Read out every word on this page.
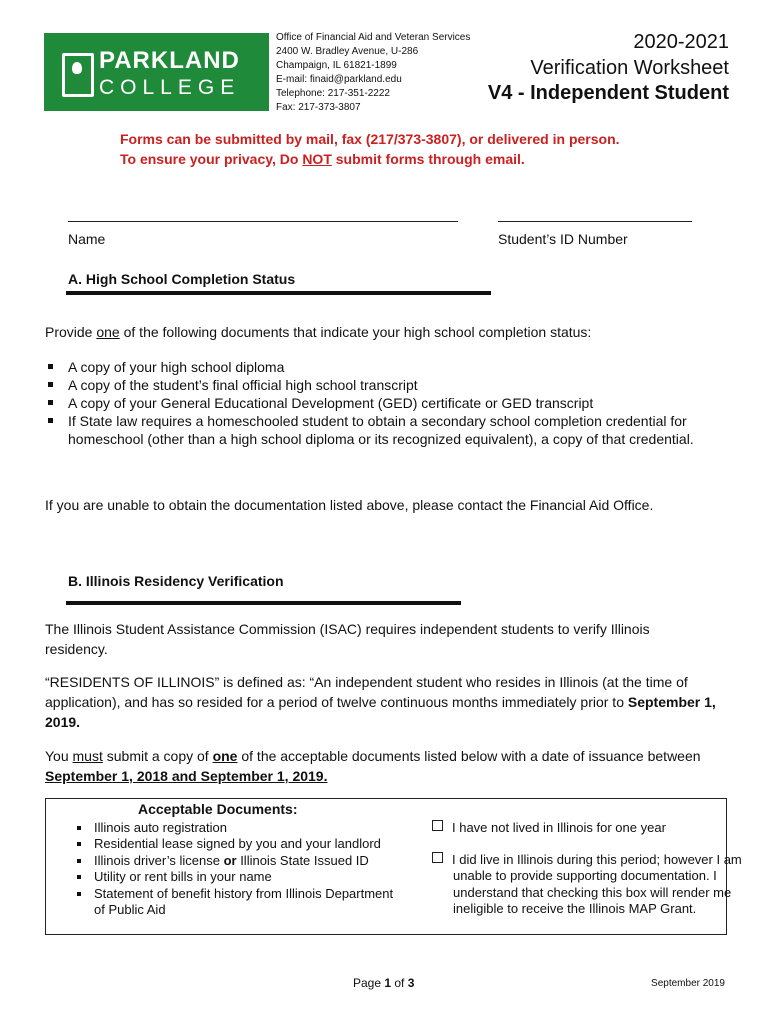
PARKLAND
COLLEGE
Office of Financial Aid and Veteran Services
2400 W. Bradley Avenue, U-286
Champaign, IL 61821-1899
E-mail: finaid@parkland.edu
Telephone: 217-351-2222
Fax: 217-373-3807
2020-2021
Verification Worksheet
V4 - Independent Student
Forms can be submitted by mail, fax (217/373-3807), or delivered in person.
To ensure your privacy, Do NOT submit forms through email.
Name	Student’s ID Number
A. High School Completion Status
Provide one of the following documents that indicate your high school completion status:
A copy of your high school diploma
A copy of the student’s final official high school transcript
A copy of your General Educational Development (GED) certificate or GED transcript
If State law requires a homeschooled student to obtain a secondary school completion credential for homeschool (other than a high school diploma or its recognized equivalent), a copy of that credential.
If you are unable to obtain the documentation listed above, please contact the Financial Aid Office.
B. Illinois Residency Verification
The Illinois Student Assistance Commission (ISAC) requires independent students to verify Illinois residency.
“RESIDENTS OF ILLINOIS” is defined as: “An independent student who resides in Illinois (at the time of application), and has so resided for a period of twelve continuous months immediately prior to September 1, 2019.
You must submit a copy of one of the acceptable documents listed below with a date of issuance between September 1, 2018 and September 1, 2019.
Acceptable Documents:
Illinois auto registration
Residential lease signed by you and your landlord
Illinois driver’s license or Illinois State Issued ID
Utility or rent bills in your name
Statement of benefit history from Illinois Department of Public Aid
I have not lived in Illinois for one year
I did live in Illinois during this period; however I am unable to provide supporting documentation. I understand that checking this box will render me ineligible to receive the Illinois MAP Grant.
Page 1 of 3	September 2019
